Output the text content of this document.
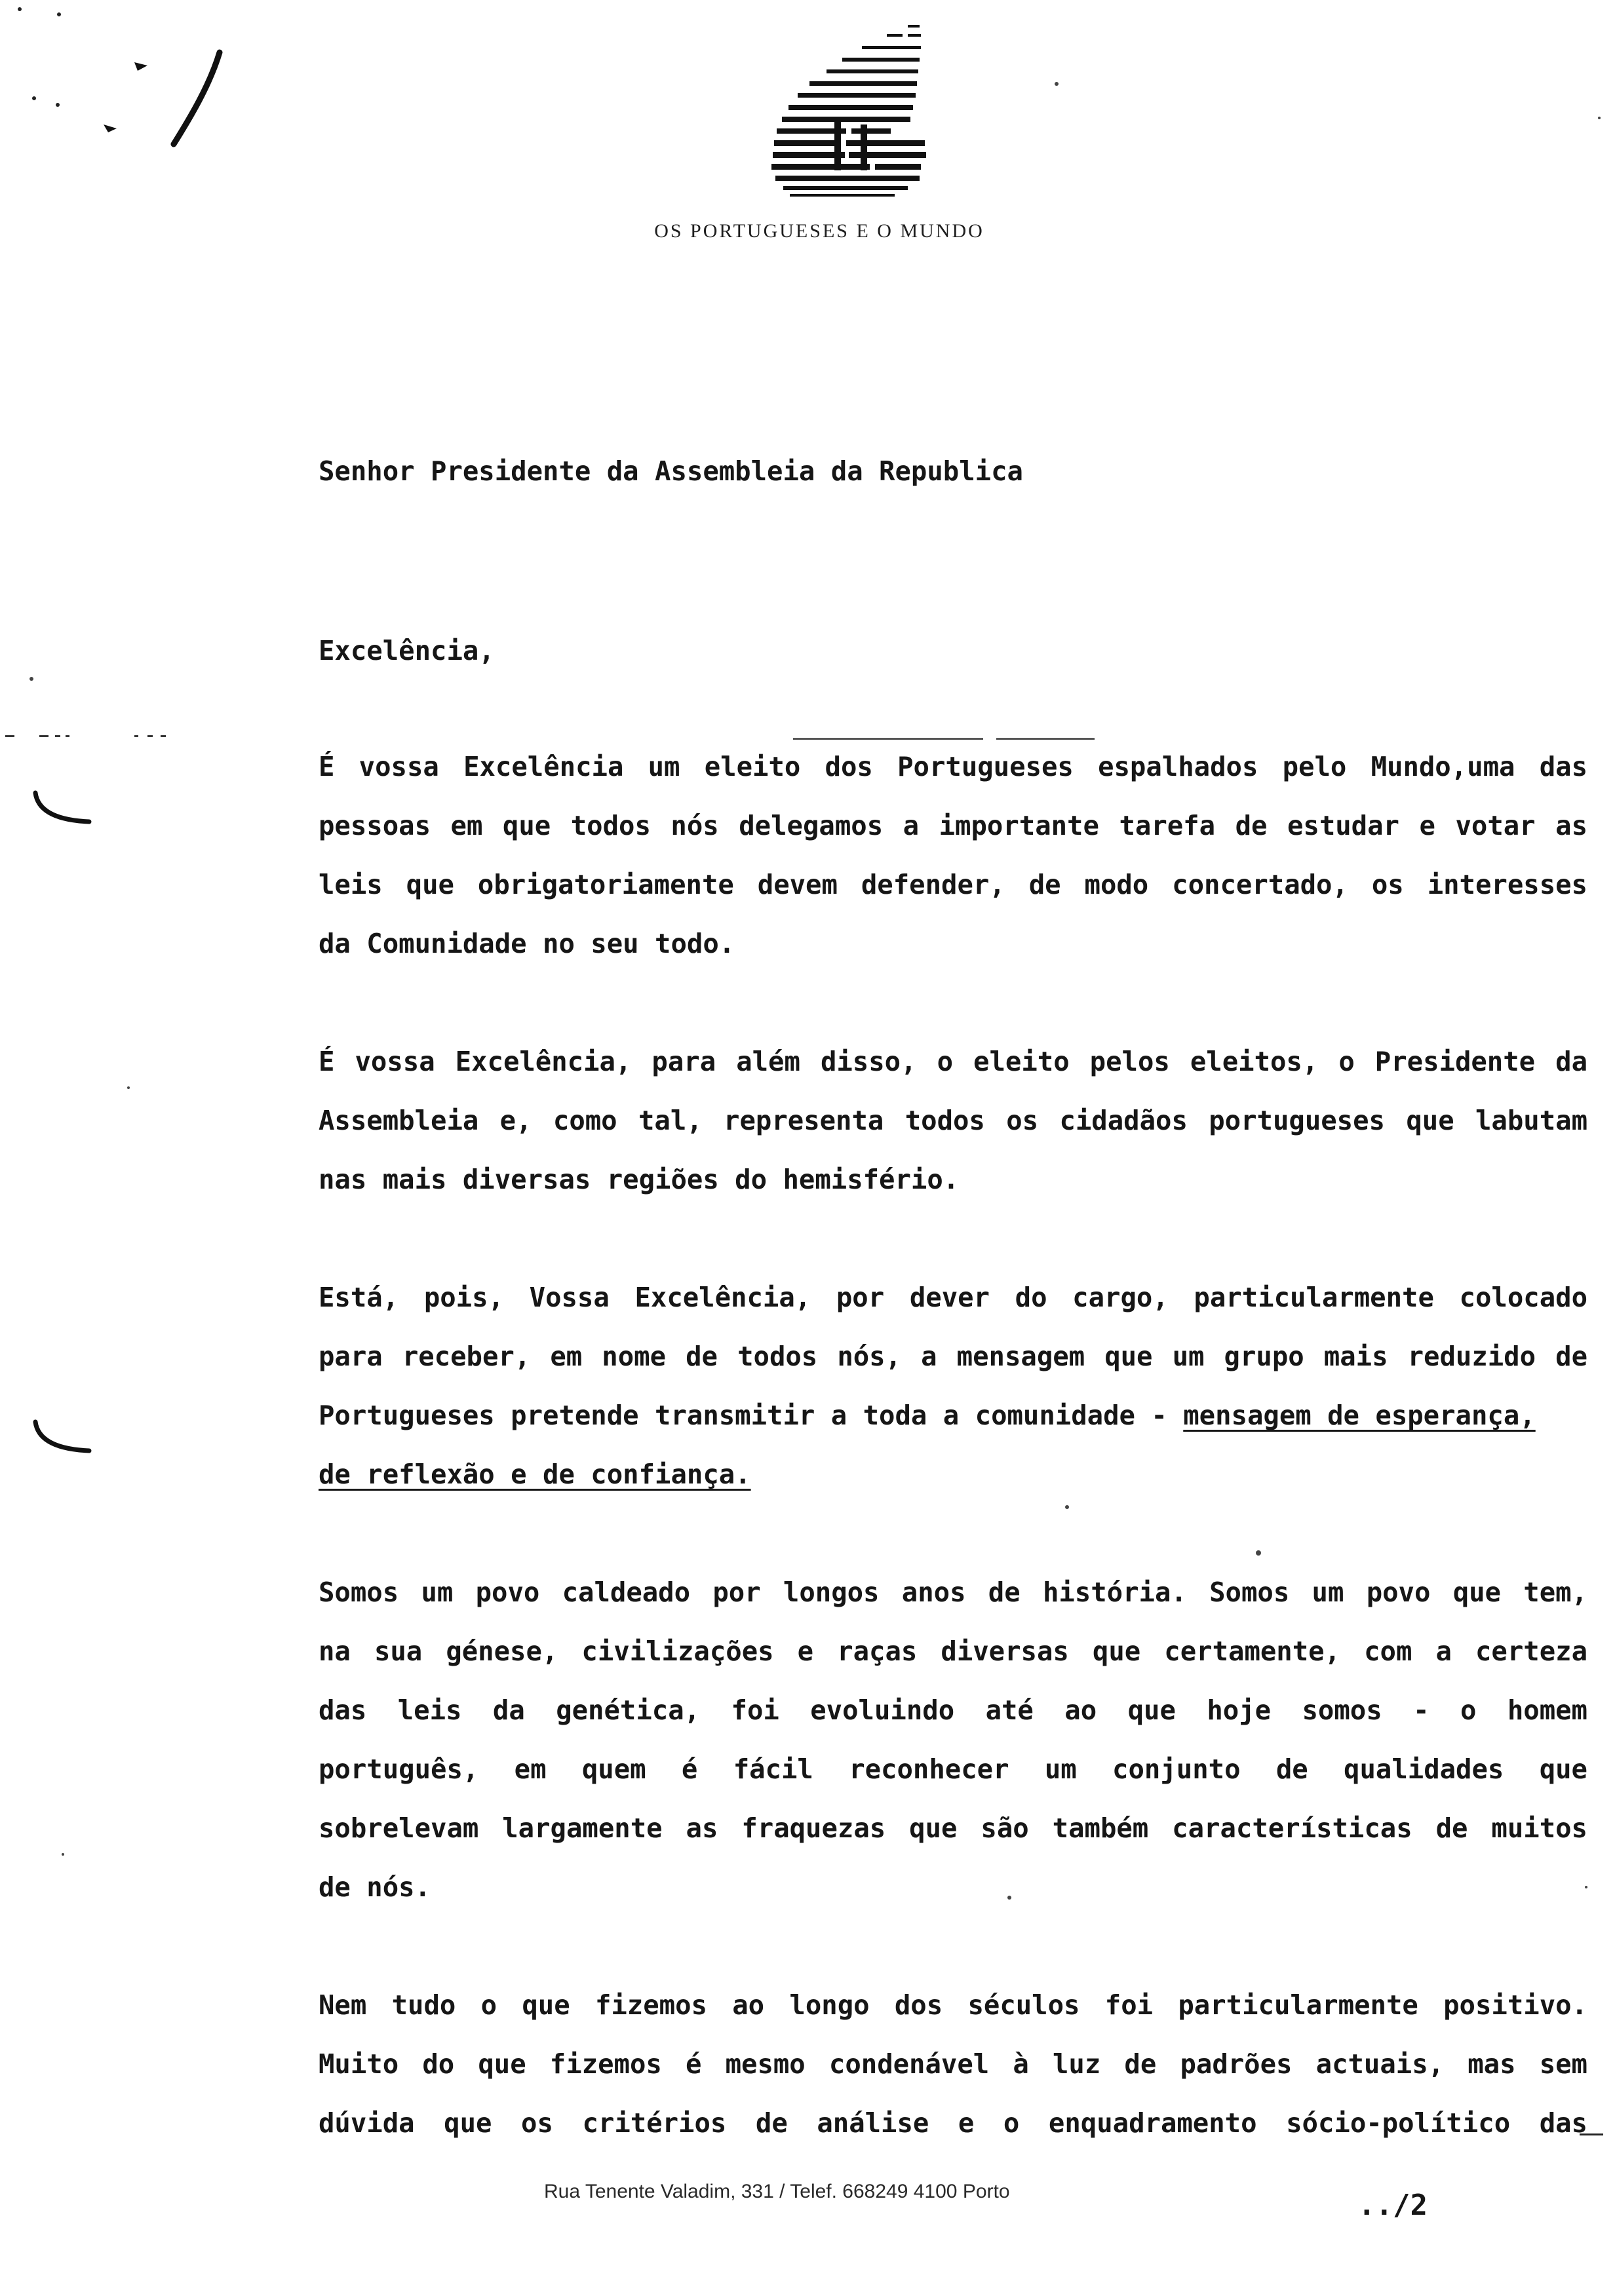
OS PORTUGUESES E O MUNDO
Senhor Presidente da Assembleia da Republica
Excelência,
É vossa Excelência um eleito dos Portugueses espalhados pelo Mundo,uma das
pessoas em que todos nós delegamos a importante tarefa de estudar e votar as
leis que obrigatoriamente devem defender, de modo concertado, os interesses
da Comunidade no seu todo.
É vossa Excelência, para além disso, o eleito pelos eleitos, o Presidente da
Assembleia e, como tal, representa todos os cidadãos portugueses que labutam
nas mais diversas regiões do hemisfério.
Está, pois, Vossa Excelência, por dever do cargo, particularmente colocado
para receber, em nome de todos nós, a mensagem que um grupo mais reduzido de
Portugueses pretende transmitir a toda a comunidade - mensagem de esperança,
de reflexão e de confiança.
Somos um povo caldeado por longos anos de história. Somos um povo que tem,
na sua génese, civilizações e raças diversas que certamente, com a certeza
das leis da genética, foi evoluindo até ao que hoje somos - o homem
português, em quem é fácil reconhecer um conjunto de qualidades que
sobrelevam largamente as fraquezas que são também características de muitos
de nós.
Nem tudo o que fizemos ao longo dos séculos foi particularmente positivo.
Muito do que fizemos é mesmo condenável à luz de padrões actuais, mas sem
dúvida que os critérios de análise e o enquadramento sócio-político das
Rua Tenente Valadim, 331 / Telef. 668249 4100 Porto	../2
